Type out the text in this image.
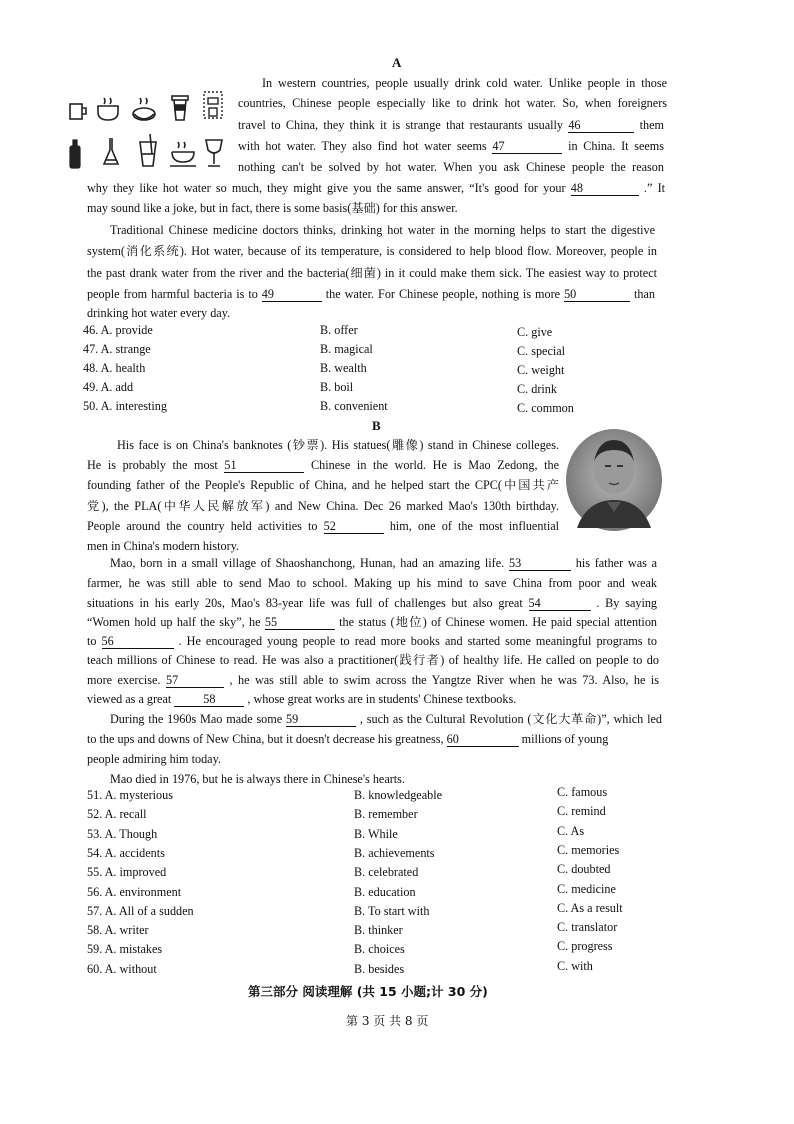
A
In western countries, people usually drink cold water. Unlike people in those
countries, Chinese people especially like to drink hot water. So, when foreigners
travel to China, they think it is strange that restaurants usually 46	them
with hot water. They also find hot water seems 47	in China. It seems
nothing can't be solved by hot water. When you ask Chinese people the reason
why they like hot water so much, they might give you the same answer, “It's good for your 48	.” It
may sound like a joke, but in fact, there is some basis(基础) for this answer.
Traditional Chinese medicine doctors thinks, drinking hot water in the morning helps to start the digestive
system(消化系统). Hot water, because of its temperature, is considered to help blood flow. Moreover, people in
the past drank water from the river and the bacteria(细菌) in it could make them sick. The easiest way to protect
people from harmful bacteria is to 49	the water. For Chinese people, nothing is more 50	than
drinking hot water every day.
46. A. provide	B. offer	C. give
47. A. strange	B. magical	C. special
48. A. health	B. wealth	C. weight
49. A. add	B. boil	C. drink
50. A. interesting	B. convenient	C. common
B
His face is on China's banknotes (钞票). His statues(雕像) stand in Chinese colleges.
He is probably the most 51	Chinese in the world. He is Mao Zedong, the
founding father of the People's Republic of China, and he helped start the CPC(中国共产
党), the PLA(中华人民解放军) and New China. Dec 26 marked Mao's 130th birthday.
People around the country held activities to 52	him, one of the most influential
men in China's modern history.
Mao, born in a small village of Shaoshanchong, Hunan, had an amazing life. 53	his father was a
farmer, he was still able to send Mao to school. Making up his mind to save China from poor and weak
situations in his early 20s, Mao's 83-year life was full of challenges but also great 54	. By saying
“Women hold up half the sky”, he 55	the status (地位) of Chinese women. He paid special attention
to 56	. He encouraged young people to read more books and started some meaningful programs to
teach millions of Chinese to read. He was also a practitioner(践行者) of healthy life. He called on people to do
more exercise. 57	, he was still able to swim across the Yangtze River when he was 73. Also, he is
viewed as a great	58	, whose great works are in students' Chinese textbooks.
During the 1960s Mao made some 59	, such as the Cultural Revolution (文化大革命)”, which led
to the ups and downs of New China, but it doesn't decrease his greatness, 60	millions of young
people admiring him today.
Mao died in 1976, but he is always there in Chinese's hearts.
51. A. mysterious	B. knowledgeable	C. famous
52. A. recall	B. remember	C. remind
53. A. Though	B. While	C. As
54. A. accidents	B. achievements	C. memories
55. A. improved	B. celebrated	C. doubted
56. A. environment	B. education	C. medicine
57. A. All of a sudden	B. To start with	C. As a result
58. A. writer	B. thinker	C. translator
59. A. mistakes	B. choices	C. progress
60. A. without	B. besides	C. with
第三部分 阅读理解 (共 15 小题;计 30 分)
第 3 页 共 8 页
